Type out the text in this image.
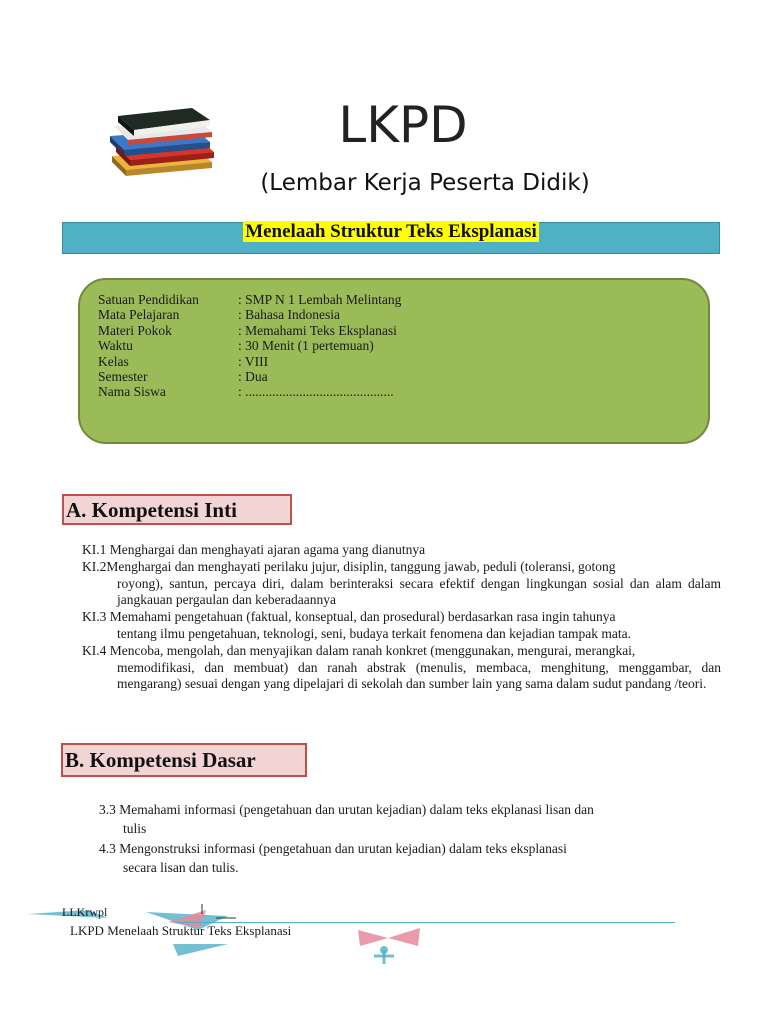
LKPD
(Lembar Kerja Peserta Didik)
Menelaah Struktur Teks Eksplanasi
Satuan Pendidikan	: SMP N 1 Lembah Melintang
Mata Pelajaran	: Bahasa Indonesia
Materi Pokok	: Memahami Teks Eksplanasi
Waktu	: 30 Menit (1 pertemuan)
Kelas	: VIII
Semester	: Dua
Nama Siswa	: ............................................
A. Kompetensi Inti
KI.1 Menghargai dan menghayati ajaran agama yang dianutnya
KI.2Menghargai dan menghayati perilaku jujur, disiplin, tanggung jawab, peduli (toleransi, gotong
royong), santun, percaya diri, dalam berinteraksi secara efektif dengan lingkungan sosial dan alam dalam jangkauan pergaulan dan keberadaannya
KI.3 Memahami pengetahuan (faktual, konseptual, dan prosedural) berdasarkan rasa ingin tahunya
tentang ilmu pengetahuan, teknologi, seni, budaya terkait fenomena dan kejadian tampak mata.
KI.4 Mencoba, mengolah, dan menyajikan dalam ranah konkret (menggunakan, mengurai, merangkai,
memodifikasi, dan membuat) dan ranah abstrak (menulis, membaca, menghitung, menggambar, dan mengarang) sesuai dengan yang dipelajari di sekolah dan sumber lain yang sama dalam sudut pandang /teori.
B. Kompetensi Dasar
3.3 Memahami informasi (pengetahuan dan urutan kejadian) dalam teks ekplanasi lisan dan
tulis
4.3 Mengonstruksi informasi (pengetahuan dan urutan kejadian) dalam teks eksplanasi
secara lisan dan tulis.
LLKrwpl
LKPD Menelaah Struktur Teks Eksplanasi
